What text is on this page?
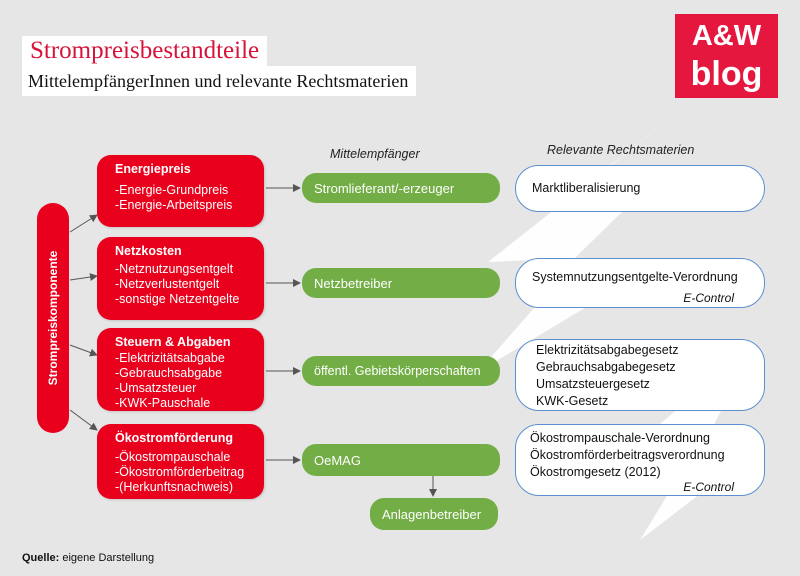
Strompreisbestandteile
MittelempfängerInnen und relevante Rechtsmaterien
A&W
blog
Mittelempfänger	Relevante Rechtsmaterien
Strompreiskomponente
Energiepreis
-Energie-Grundpreis
-Energie-Arbeitspreis
Netzkosten
-Netznutzungsentgelt
-Netzverlustentgelt
-sonstige Netzentgelte
Steuern & Abgaben
-Elektrizitätsabgabe
-Gebrauchsabgabe
-Umsatzsteuer
-KWK-Pauschale
Ökostromförderung
-Ökostrompauschale
-Ökostromförderbeitrag
-(Herkunftsnachweis)
Stromlieferant/-erzeuger
Netzbetreiber
öffentl. Gebietskörperschaften
OeMAG
Anlagenbetreiber
Marktliberalisierung
Systemnutzungsentgelte-Verordnung
E-Control
Elektrizitätsabgabegesetz
Gebrauchsabgabegesetz
Umsatzsteuergesetz
KWK-Gesetz
Ökostrompauschale-Verordnung
Ökostromförderbeitragsverordnung
Ökostromgesetz (2012)
E-Control
Quelle: eigene Darstellung
